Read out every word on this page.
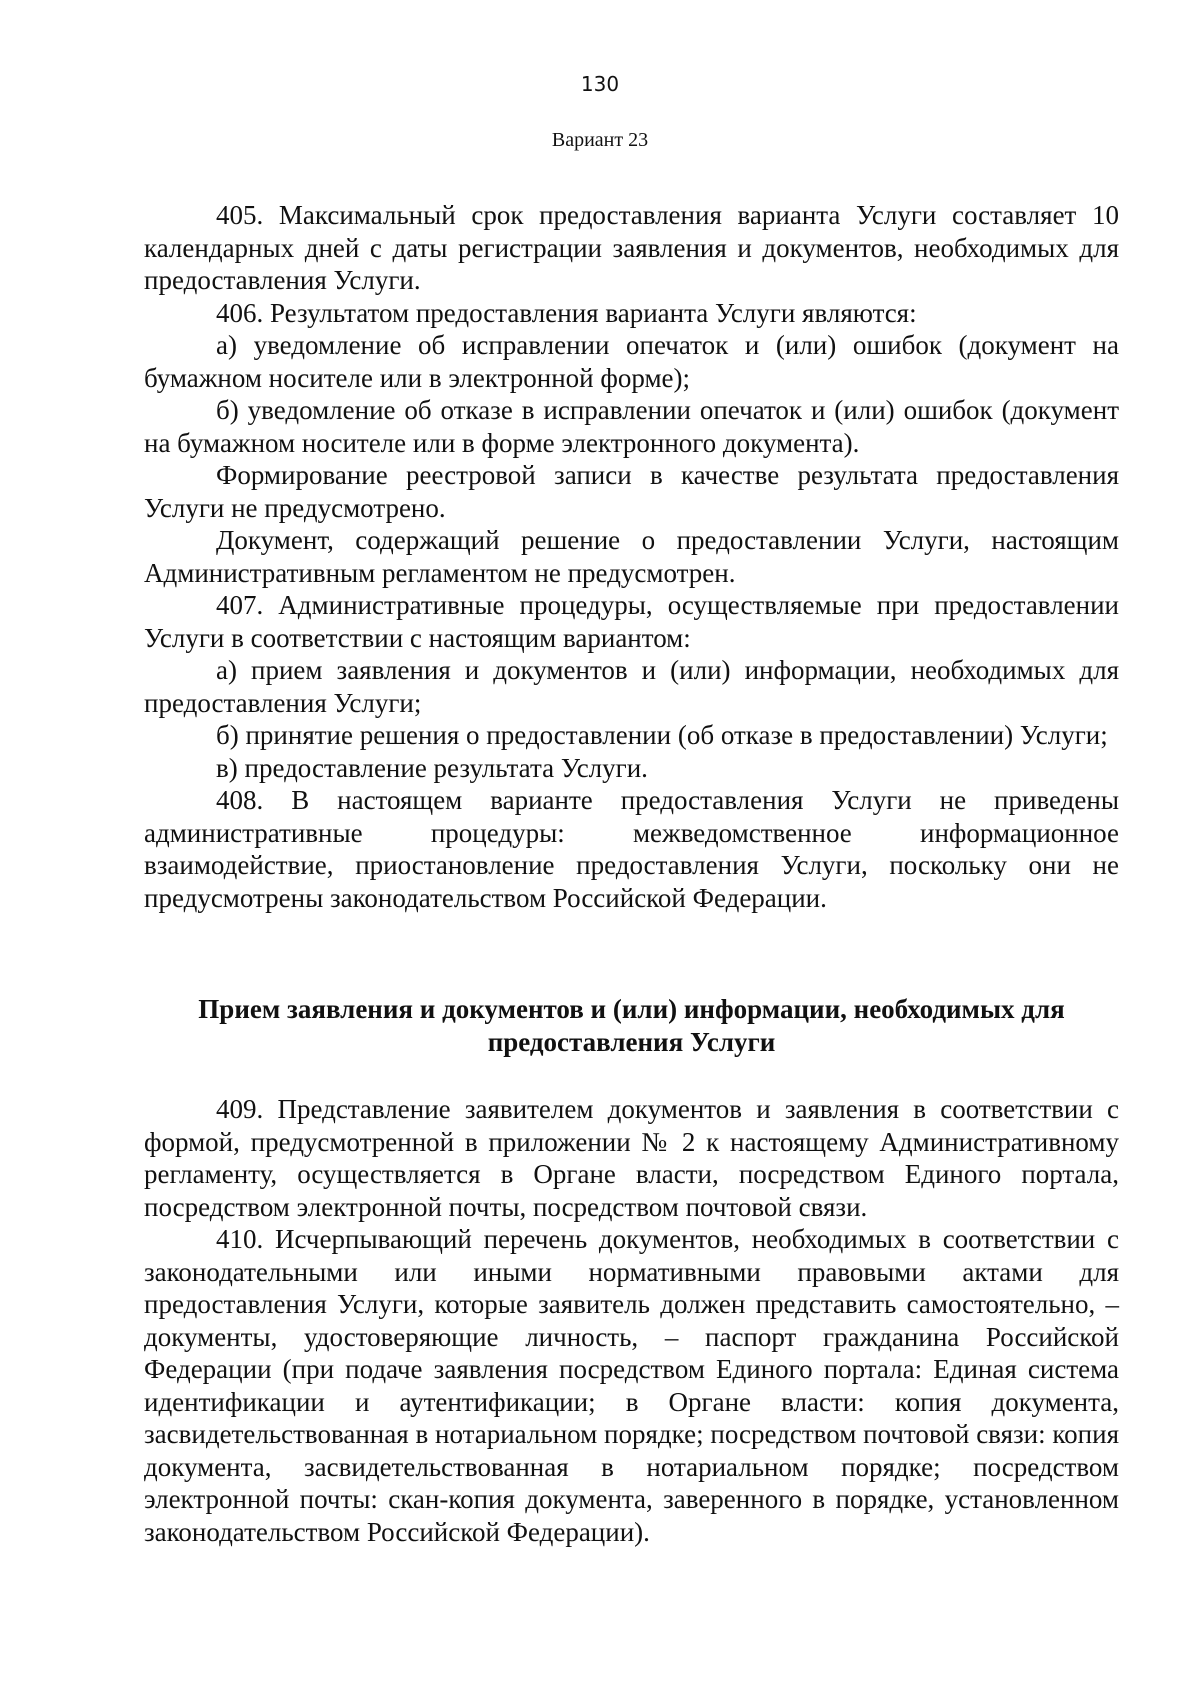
130
Вариант 23

405. Максимальный срок предоставления варианта Услуги составляет 10 календарных дней с даты регистрации заявления и документов, необходимых для предоставления Услуги.

406. Результатом предоставления варианта Услуги являются:

а) уведомление об исправлении опечаток и (или) ошибок (документ на бумажном носителе или в электронной форме);

б) уведомление об отказе в исправлении опечаток и (или) ошибок (документ на бумажном носителе или в форме электронного документа).

Формирование реестровой записи в качестве результата предоставления Услуги не предусмотрено.

Документ, содержащий решение о предоставлении Услуги, настоящим Административным регламентом не предусмотрен.

407. Административные процедуры, осуществляемые при предоставлении Услуги в соответствии с настоящим вариантом:

а) прием заявления и документов и (или) информации, необходимых для предоставления Услуги;

б) принятие решения о предоставлении (об отказе в предоставлении) Услуги;

в) предоставление результата Услуги.

408. В настоящем варианте предоставления Услуги не приведены административные процедуры: межведомственное информационное взаимодействие, приостановление предоставления Услуги, поскольку они не предусмотрены законодательством Российской Федерации.

Прием заявления и документов и (или) информации, необходимых для предоставления Услуги

409. Представление заявителем документов и заявления в соответствии с формой, предусмотренной в приложении № 2 к настоящему Административному регламенту, осуществляется в Органе власти, посредством Единого портала, посредством электронной почты, посредством почтовой связи.

410. Исчерпывающий перечень документов, необходимых в соответствии с законодательными или иными нормативными правовыми актами для предоставления Услуги, которые заявитель должен представить самостоятельно, – документы, удостоверяющие личность, – паспорт гражданина Российской Федерации (при подаче заявления посредством Единого портала: Единая система идентификации и аутентификации; в Органе власти: копия документа, засвидетельствованная в нотариальном порядке; посредством почтовой связи: копия документа, засвидетельствованная в нотариальном порядке; посредством электронной почты: скан-копия документа, заверенного в порядке, установленном законодательством Российской Федерации).
